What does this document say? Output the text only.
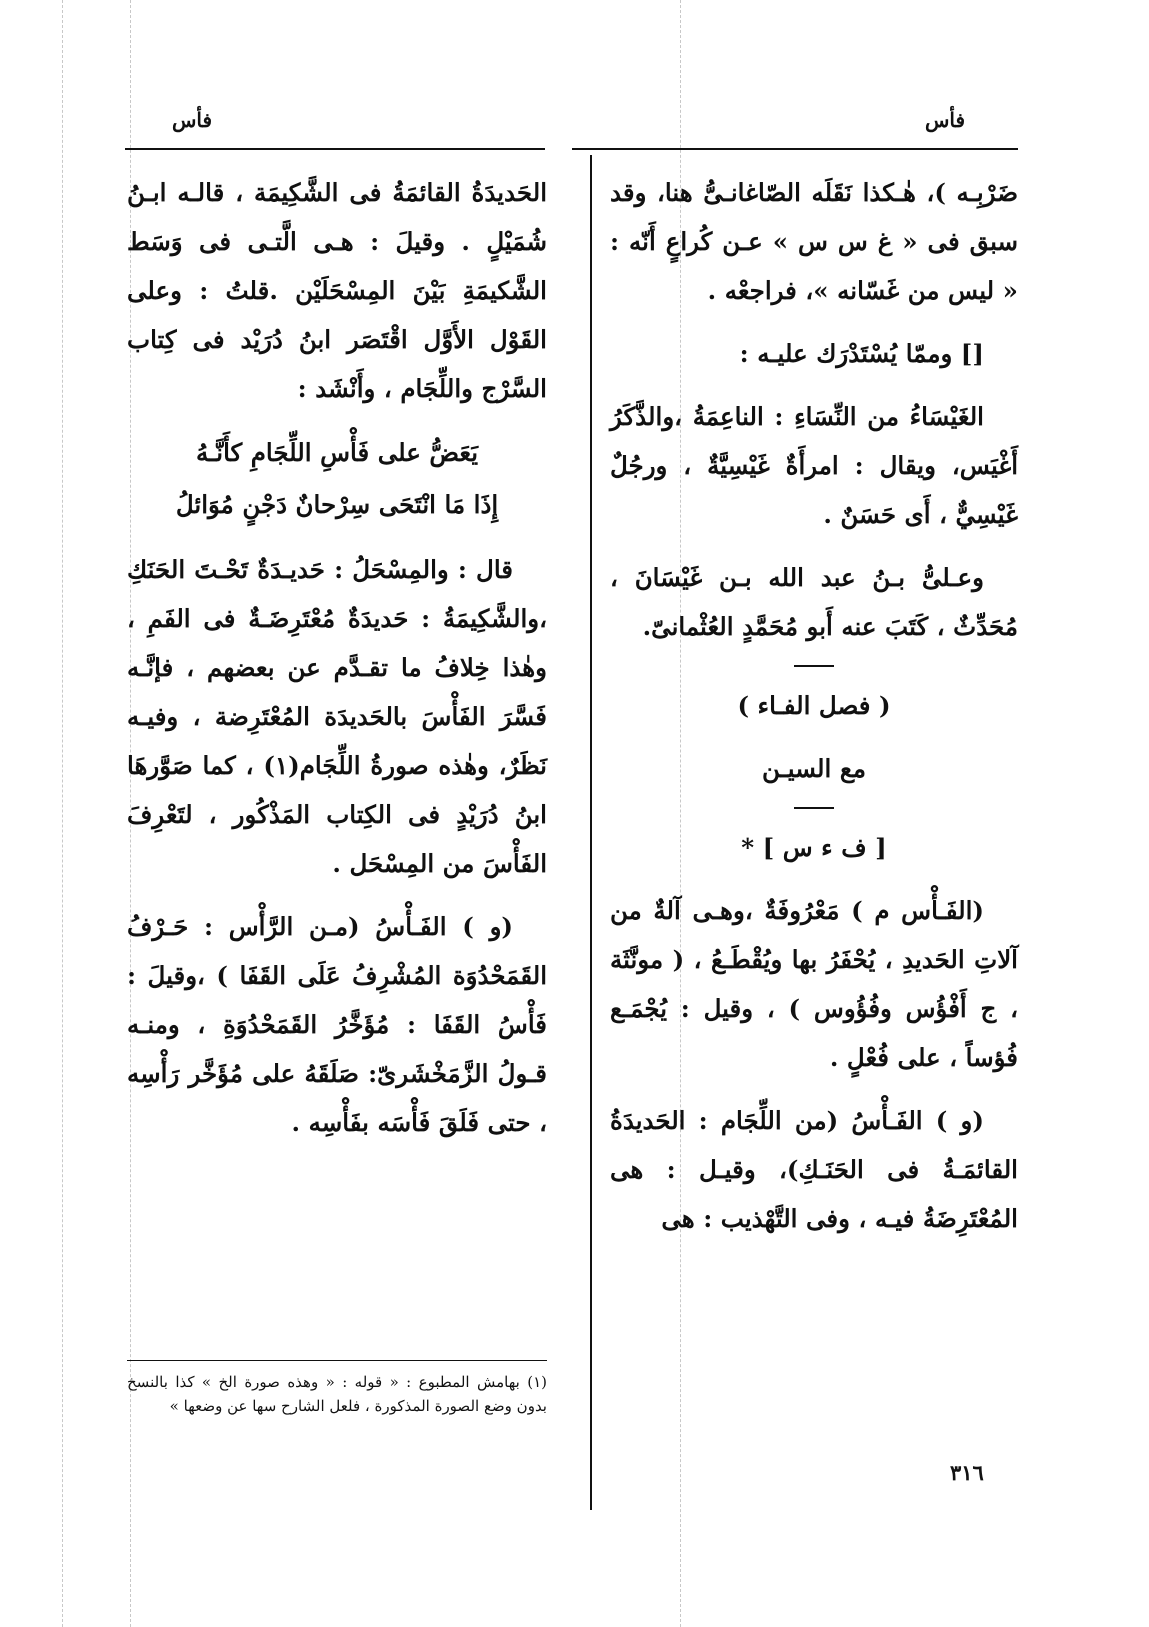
فأس	فأس

ضَرْبِـه )، هٰـكذا نَقَلَه الصّاغانـىُّ هنا، وقد سبق فى « غ س س » عـن كُراعٍ أَنّه : « ليس من غَسّانه »، فراجعْه .

[] وممّا يُسْتَدْرَك عليـه :

الغَيْسَاءُ من النِّسَاءِ : الناعِمَةُ ،والذَّكَرُ أَغْيَس، ويقال : امرأَةٌ غَيْسِيَّةٌ ، ورجُلٌ غَيْسِيٌّ ، أَى حَسَنٌ .

وعـلىُّ بـنُ عبد الله بـن غَيْسَانَ ، مُحَدِّثٌ ، كَتَبَ عنه أَبو مُحَمَّدٍ العُثْمانىّ.

( فصل الفـاء )

مع السيـن

[ ف ء س ] *

(الفَـأْس م ) مَعْرُوفَةٌ ،وهـى آلةٌ من آلاتِ الحَديدِ ، يُحْفَرُ بها ويُقْطَـعُ ، ( مونَّثَة ، ج أَفْؤُس وفُؤُوس ) ، وقيل : يُجْمَـع فُؤساً ، على فُعْلٍ .

(و ) الفَـأْسُ (من اللِّجَام : الحَديدَةُ القائمَـةُ فى الحَنَـكِ)، وقيـل : هى المُعْتَرِضَةُ فيـه ، وفى التَّهْذيب : هى

الحَديدَةُ القائمَةُ فى الشَّكِيمَة ، قالـه ابـنُ شُمَيْلٍ . وقيلَ : هـى الَّتـى فى وَسَط الشَّكيمَةِ بَيْنَ المِسْحَلَيْن .قلتُ : وعلى القَوْل الأَوَّل اقْتَصَر ابنُ دُرَيْد فى كِتاب السَّرْج واللِّجَام ، وأَنْشَد :

يَعَضُّ على فَأْسِ اللِّجَامِ كأَنَّـهُ
إِذَا مَا انْتَحَى سِرْحانٌ دَجْنٍ مُوَائلُ

قال : والمِسْحَلُ : حَديـدَةٌ تَحْـتَ الحَنَكِ ،والشَّكِيمَةُ : حَديدَةٌ مُعْتَرِضَـةٌ فى الفَمِ ، وهٰذا خِلافُ ما تقـدَّم عن بعضهم ، فإنَّـه فَسَّرَ الفَأْسَ بالحَديدَة المُعْتَرِضة ، وفيـه نَظَرٌ، وهٰذه صورةُ اللِّجَام(١) ، كما صَوَّرهَا ابنُ دُرَيْدٍ فى الكِتاب المَذْكُور ، لتَعْرِفَ الفَأْسَ من المِسْحَل .

(و ) الفَـأْسُ (مـن الرَّأْس : حَـرْفُ القَمَحْدُوَة المُشْرِفُ عَلَى القَفَا ) ،وقيلَ : فَأْسُ القَفَا : مُؤَخَّرُ القَمَحْدُوَةِ ، ومنـه قـولُ الزَّمَخْشَرىّ: صَلَقَهُ على مُؤَخَّر رَأْسِه ، حتى فَلَقَ فَأْسَه بفَأْسِه .

(١) بهامش المطبوع : « قوله : « وهذه صورة الخ » كذا بالنسخ بدون وضع الصورة المذكورة ، فلعل الشارح سها عن وضعها »
٣١٦
